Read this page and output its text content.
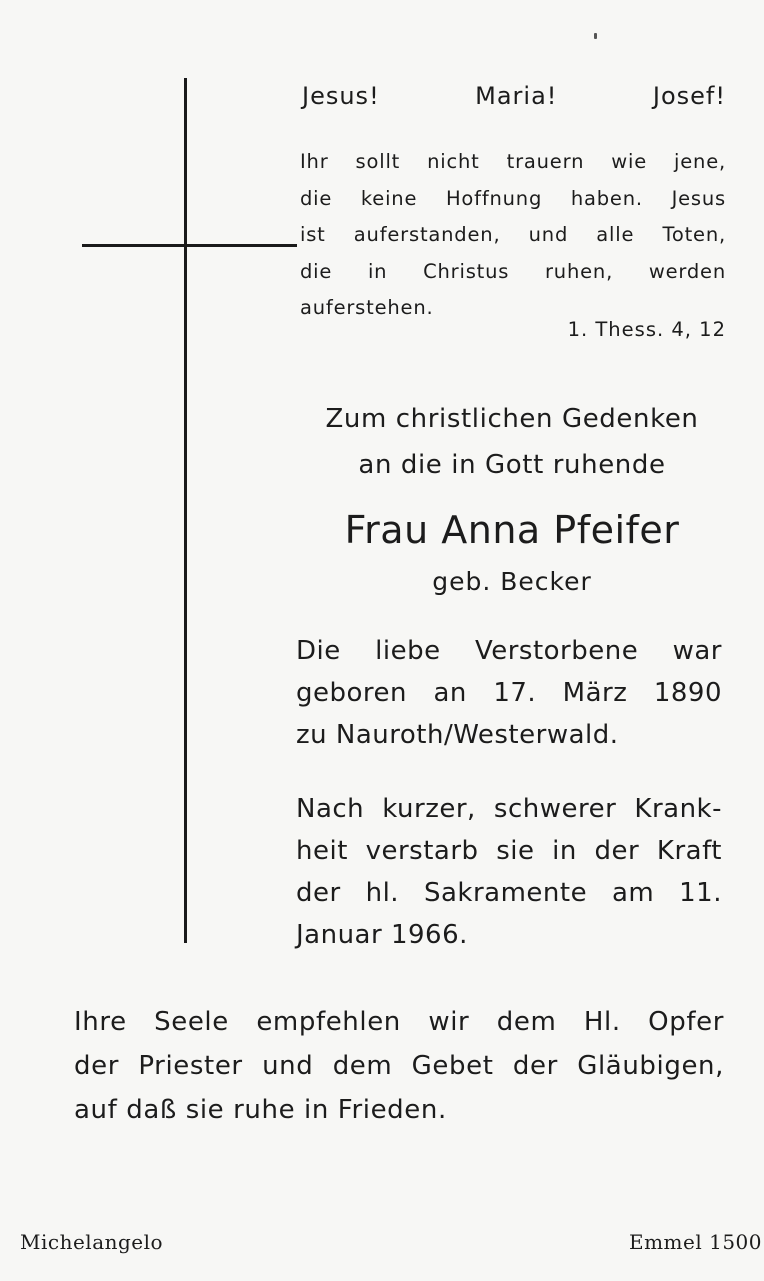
Jesus!	Maria!	Josef!
Ihr sollt nicht trauern wie jene,
die keine Hoffnung haben. Jesus
ist auferstanden, und alle Toten,
die in Christus ruhen, werden
auferstehen.
1. Thess. 4, 12
Zum christlichen Gedenken
an die in Gott ruhende
Frau Anna Pfeifer
geb. Becker
Die liebe Verstorbene war
geboren an 17. März 1890
zu Nauroth/Westerwald.
Nach kurzer, schwerer Krank-
heit verstarb sie in der Kraft
der hl. Sakramente am 11.
Januar 1966.
Ihre Seele empfehlen wir dem Hl. Opfer
der Priester und dem Gebet der Gläubigen,
auf daß sie ruhe in Frieden.
Michelangelo	Emmel 1500
